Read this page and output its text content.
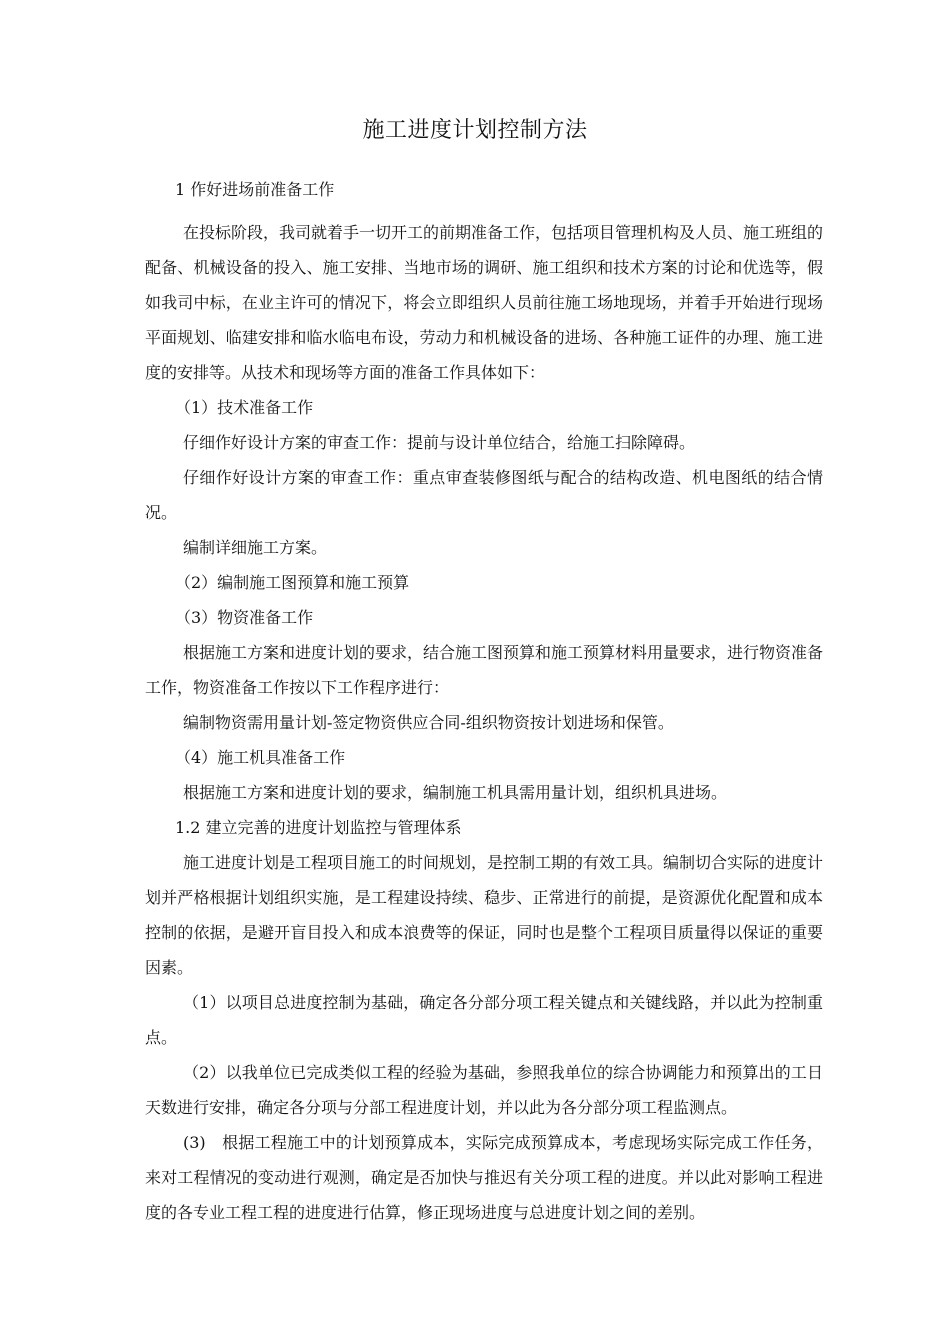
施工进度计划控制方法

1 作好进场前准备工作

在投标阶段，我司就着手一切开工的前期准备工作，包括项目管理机构及人员、施工班组的配备、机械设备的投入、施工安排、当地市场的调研、施工组织和技术方案的讨论和优选等，假如我司中标，在业主许可的情况下，将会立即组织人员前往施工场地现场，并着手开始进行现场平面规划、临建安排和临水临电布设，劳动力和机械设备的进场、各种施工证件的办理、施工进度的安排等。从技术和现场等方面的准备工作具体如下：

（1）技术准备工作

仔细作好设计方案的审查工作：提前与设计单位结合，给施工扫除障碍。

仔细作好设计方案的审查工作：重点审查装修图纸与配合的结构改造、机电图纸的结合情况。

编制详细施工方案。

（2）编制施工图预算和施工预算

（3）物资准备工作

根据施工方案和进度计划的要求，结合施工图预算和施工预算材料用量要求，进行物资准备工作，物资准备工作按以下工作程序进行：

编制物资需用量计划-签定物资供应合同-组织物资按计划进场和保管。

（4）施工机具准备工作

根据施工方案和进度计划的要求，编制施工机具需用量计划，组织机具进场。

1.2 建立完善的进度计划监控与管理体系

施工进度计划是工程项目施工的时间规划，是控制工期的有效工具。编制切合实际的进度计划并严格根据计划组织实施，是工程建设持续、稳步、正常进行的前提，是资源优化配置和成本控制的依据，是避开盲目投入和成本浪费等的保证，同时也是整个工程项目质量得以保证的重要因素。

（1）以项目总进度控制为基础，确定各分部分项工程关键点和关键线路，并以此为控制重点。

（2）以我单位已完成类似工程的经验为基础，参照我单位的综合协调能力和预算出的工日天数进行安排，确定各分项与分部工程进度计划，并以此为各分部分项工程监测点。

(3)　根据工程施工中的计划预算成本，实际完成预算成本，考虑现场实际完成工作任务，来对工程情况的变动进行观测，确定是否加快与推迟有关分项工程的进度。并以此对影响工程进度的各专业工程工程的进度进行估算，修正现场进度与总进度计划之间的差别。
